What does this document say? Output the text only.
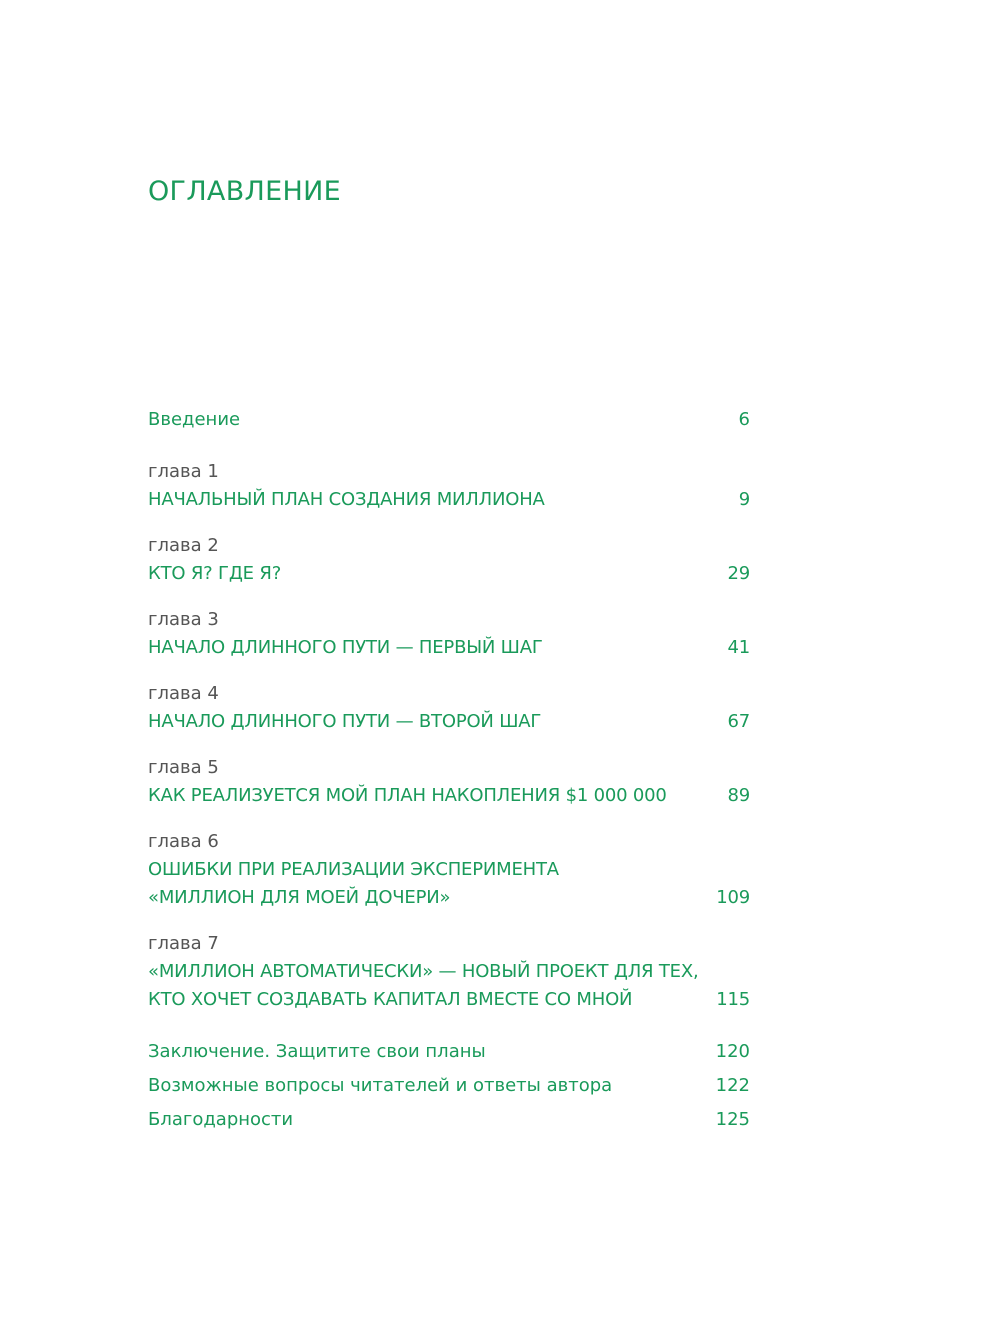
ОГЛАВЛЕНИЕ
Введение	6
глава 1
НАЧАЛЬНЫЙ ПЛАН СОЗДАНИЯ МИЛЛИОНА	9
глава 2
КТО Я? ГДЕ Я?	29
глава 3
НАЧАЛО ДЛИННОГО ПУТИ — ПЕРВЫЙ ШАГ	41
глава 4
НАЧАЛО ДЛИННОГО ПУТИ — ВТОРОЙ ШАГ	67
глава 5
КАК РЕАЛИЗУЕТСЯ МОЙ ПЛАН НАКОПЛЕНИЯ $1 000 000	89
глава 6
ОШИБКИ ПРИ РЕАЛИЗАЦИИ ЭКСПЕРИМЕНТА
«МИЛЛИОН ДЛЯ МОЕЙ ДОЧЕРИ»	109
глава 7
«МИЛЛИОН АВТОМАТИЧЕСКИ» — НОВЫЙ ПРОЕКТ ДЛЯ ТЕХ,
КТО ХОЧЕТ СОЗДАВАТЬ КАПИТАЛ ВМЕСТЕ СО МНОЙ	115
Заключение. Защитите свои планы	120
Возможные вопросы читателей и ответы автора	122
Благодарности	125
